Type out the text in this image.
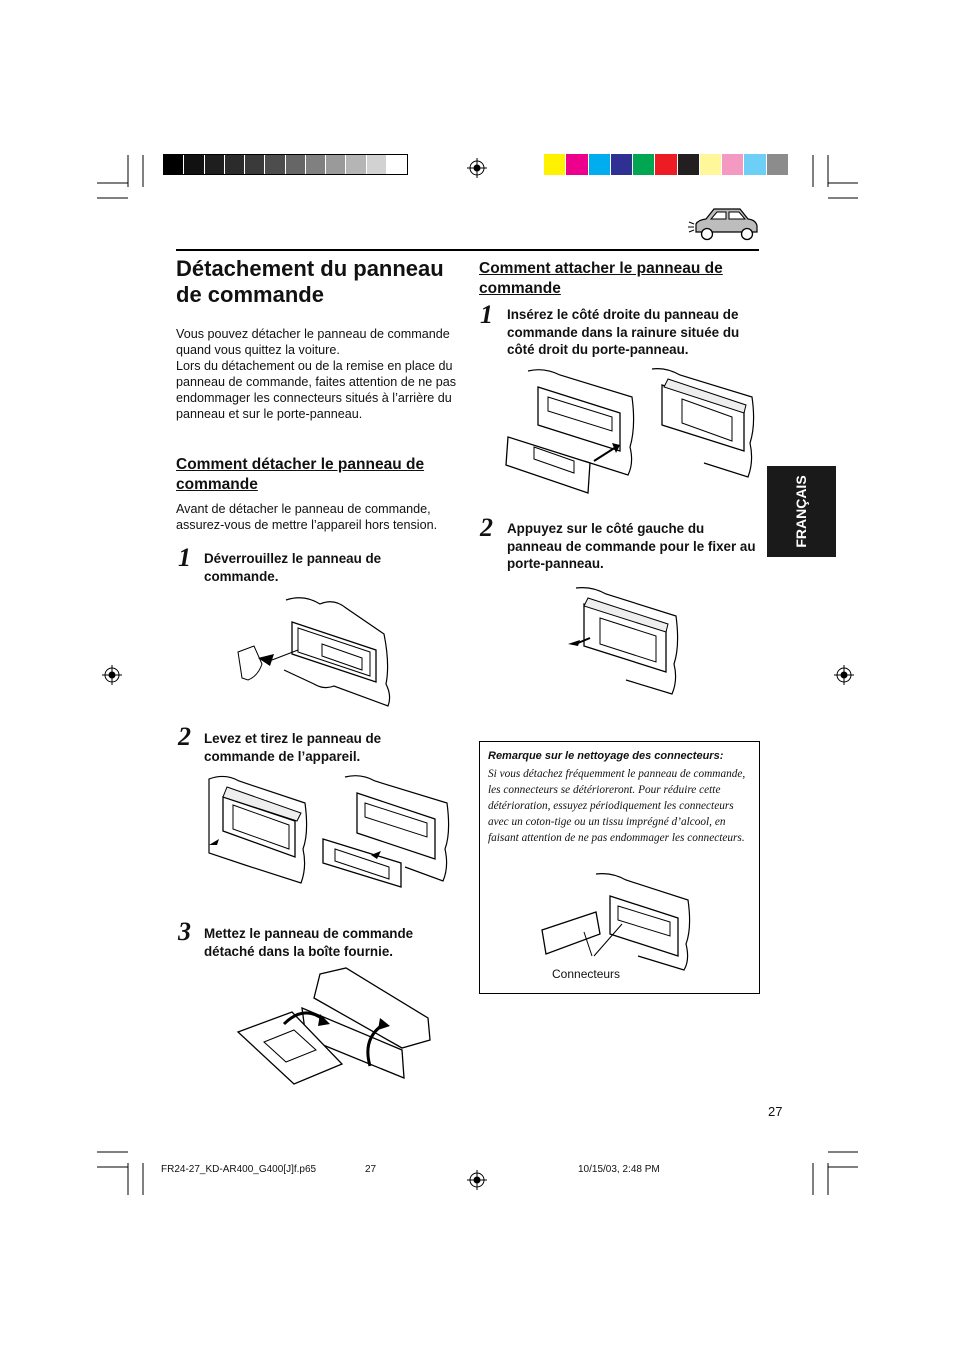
Détachement du panneau de commande
FRANÇAIS
Vous pouvez détacher le panneau de commande quand vous quittez la voiture.
Lors du détachement ou de la remise en place du panneau de commande, faites attention de ne pas endommager les connecteurs situés à l’arrière du panneau et sur le porte-panneau.
Comment détacher le panneau de commande
Avant de détacher le panneau de commande, assurez-vous de mettre l’appareil hors tension.
1 Déverrouillez le panneau de commande.
2 Levez et tirez le panneau de commande de l’appareil.
3 Mettez le panneau de commande détaché dans la boîte fournie.
Comment attacher le panneau de commande
1 Insérez le côté droite du panneau de commande dans la rainure située du côté droit du porte-panneau.
2 Appuyez sur le côté gauche du panneau de commande pour le fixer au porte-panneau.
Remarque sur le nettoyage des connecteurs:
Si vous détachez fréquemment le panneau de commande, les connecteurs se détérioreront. Pour réduire cette détérioration, essuyez périodiquement les connecteurs avec un coton-tige ou un tissu imprégné d’alcool, en faisant attention de ne pas endommager les connecteurs.
Connecteurs
27
FR24-27_KD-AR400_G400[J]f.p65	27	10/15/03, 2:48 PM
